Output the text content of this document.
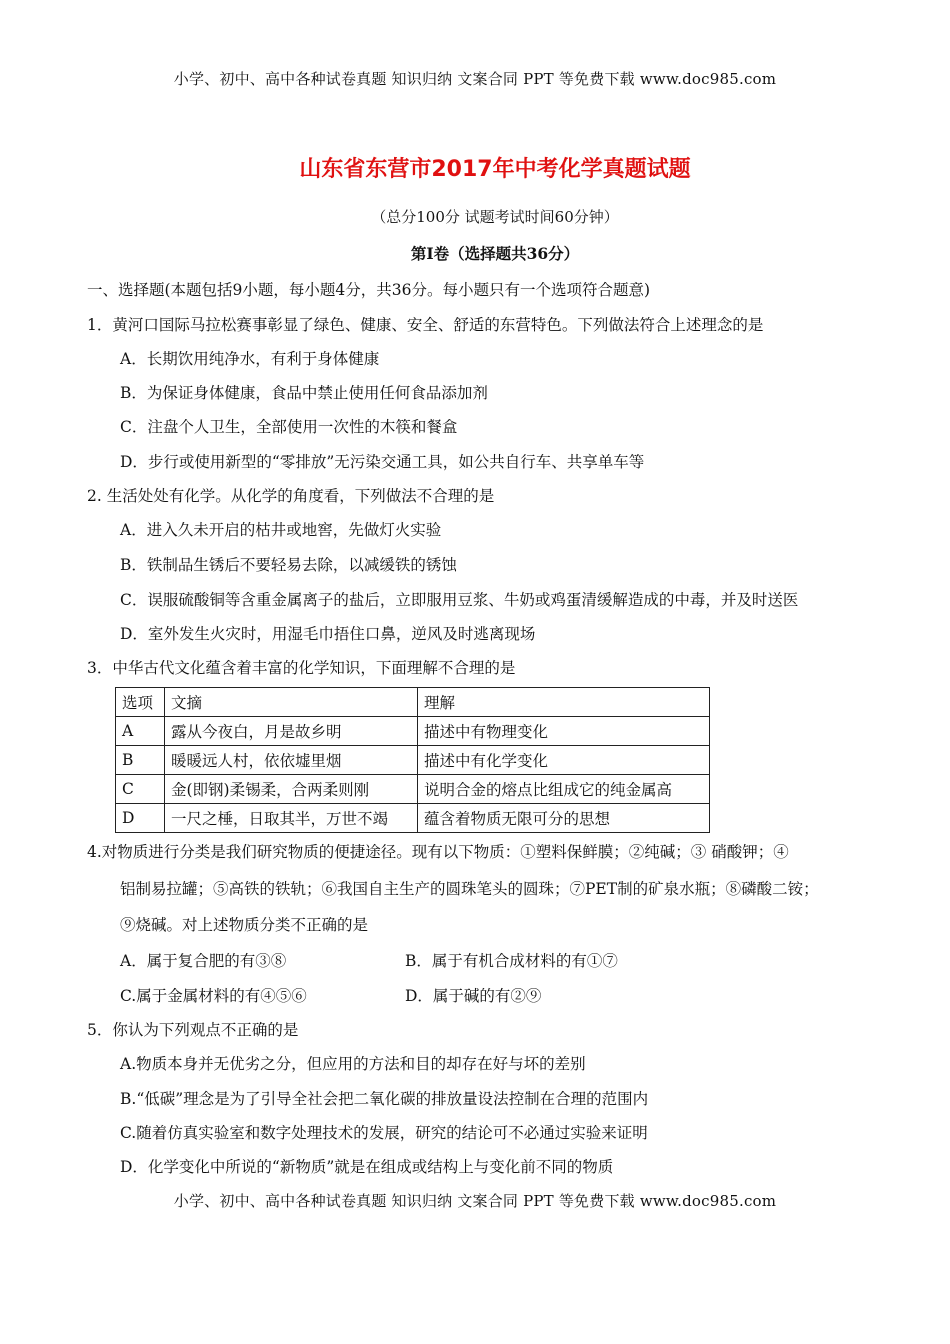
小学、初中、高中各种试卷真题 知识归纳 文案合同 PPT 等免费下载 www.doc985.com
山东省东营市2017年中考化学真题试题
（总分100分 试题考试时间60分钟）
第Ⅰ卷（选择题共36分）
一、选择题(本题包括9小题，每小题4分，共36分。每小题只有一个选项符合题意)
1．黄河口国际马拉松赛事彰显了绿色、健康、安全、舒适的东营特色。下列做法符合上述理念的是
A．长期饮用纯净水，有利于身体健康
B．为保证身体健康，食品中禁止使用任何食品添加剂
C．注盘个人卫生，全部使用一次性的木筷和餐盒
D．步行或使用新型的“零排放”无污染交通工具，如公共自行车、共享单车等
2. 生活处处有化学。从化学的角度看，下列做法不合理的是
A．进入久未开启的枯井或地窖，先做灯火实验
B．铁制品生锈后不要轻易去除，以减缓铁的锈蚀
C．误服硫酸铜等含重金属离子的盐后，立即服用豆浆、牛奶或鸡蛋清缓解造成的中毒，并及时送医
D．室外发生火灾时，用湿毛巾捂住口鼻，逆风及时逃离现场
3．中华古代文化蕴含着丰富的化学知识，下面理解不合理的是
选项	文摘	理解
A	露从今夜白，月是故乡明	描述中有物理变化
B	暖暖远人村，依依墟里烟	描述中有化学变化
C	金(即钢)柔锡柔，合两柔则刚	说明合金的熔点比组成它的纯金属高
D	一尺之棰，日取其半，万世不竭	蕴含着物质无限可分的思想
4.对物质进行分类是我们研究物质的便捷途径。现有以下物质：①塑料保鲜膜；②纯碱；③ 硝酸钾；④
铝制易拉罐；⑤高铁的铁轨；⑥我国自主生产的圆珠笔头的圆珠；⑦PET制的矿泉水瓶；⑧磷酸二铵；
⑨烧碱。对上述物质分类不正确的是
A．属于复合肥的有③⑧	B．属于有机合成材料的有①⑦
C.属于金属材料的有④⑤⑥	D．属于碱的有②⑨
5．你认为下列观点不正确的是
A.物质本身并无优劣之分，但应用的方法和目的却存在好与坏的差别
B.“低碳”理念是为了引导全社会把二氧化碳的排放量设法控制在合理的范围内
C.随着仿真实验室和数字处理技术的发展，研究的结论可不必通过实验来证明
D．化学变化中所说的“新物质”就是在组成或结构上与变化前不同的物质
小学、初中、高中各种试卷真题 知识归纳 文案合同 PPT 等免费下载 www.doc985.com
